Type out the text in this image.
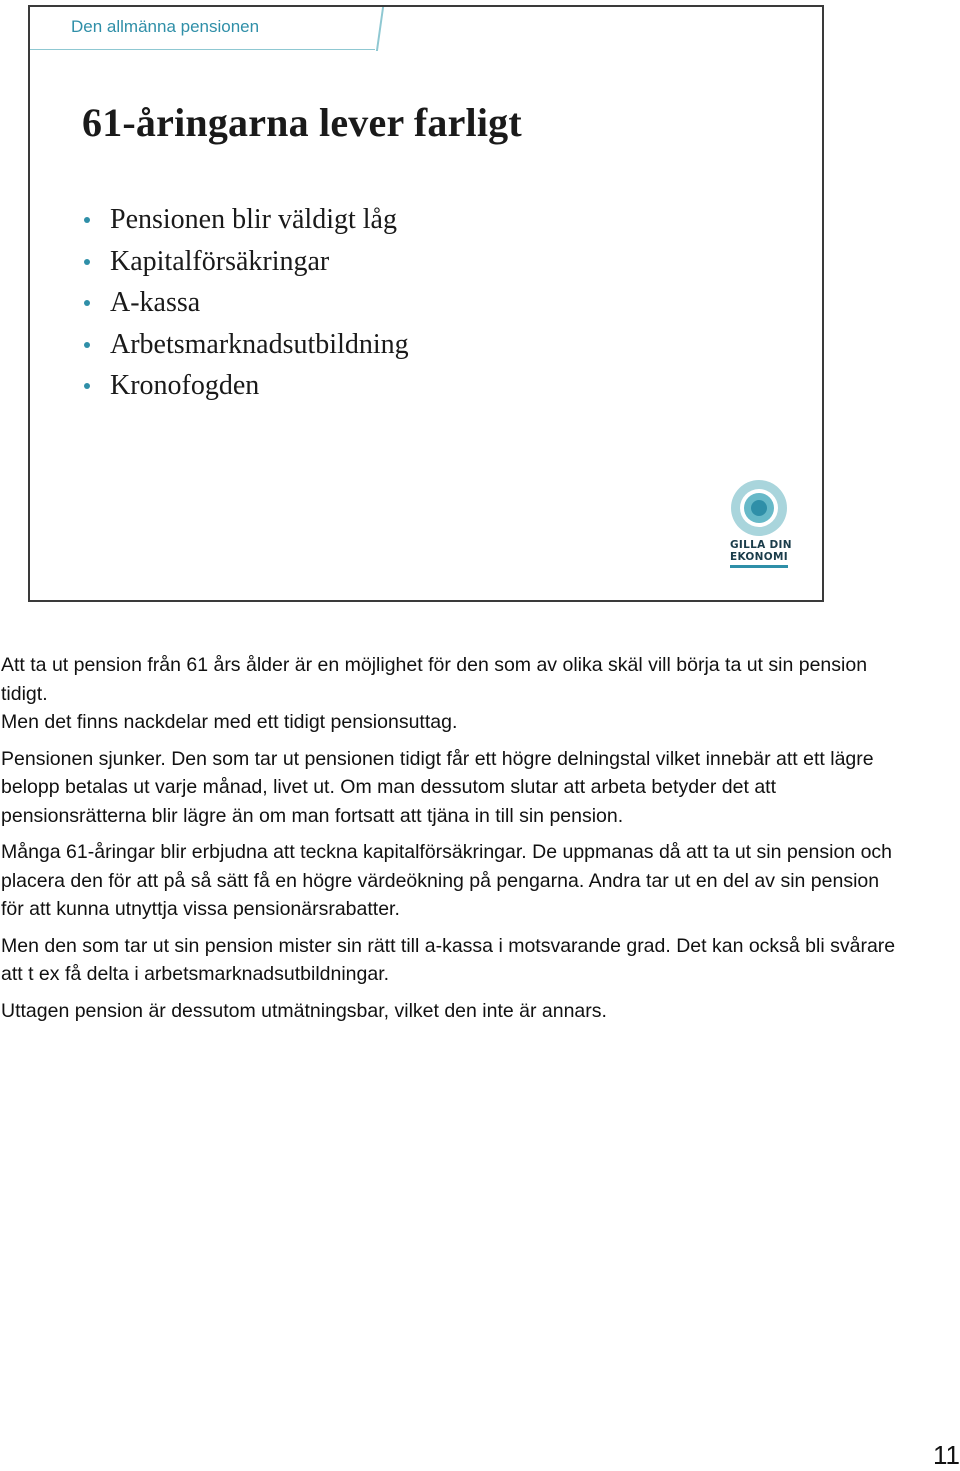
Den allmänna pensionen
61-åringarna lever farligt
Pensionen blir väldigt låg
Kapitalförsäkringar
A-kassa
Arbetsmarknadsutbildning
Kronofogden
GILLA DIN
EKONOMI

Att ta ut pension från 61 års ålder är en möjlighet för den som av olika skäl vill börja ta ut sin pension tidigt.

Men det finns nackdelar med ett tidigt pensionsuttag.

Pensionen sjunker. Den som tar ut pensionen tidigt får ett högre delningstal vilket innebär att ett lägre belopp betalas ut varje månad, livet ut. Om man dessutom slutar att arbeta betyder det att pensionsrätterna blir lägre än om man fortsatt att tjäna in till sin pension.

Många 61-åringar blir erbjudna att teckna kapitalförsäkringar. De uppmanas då att ta ut sin pension och placera den för att på så sätt få en högre värdeökning på pengarna. Andra tar ut en del av sin pension för att kunna utnyttja vissa pensionärsrabatter.

Men den som tar ut sin pension mister sin rätt till a-kassa i motsvarande grad. Det kan också bli svårare att t ex få delta i arbetsmarknadsutbildningar.

Uttagen pension är dessutom utmätningsbar, vilket den inte är annars.

11
